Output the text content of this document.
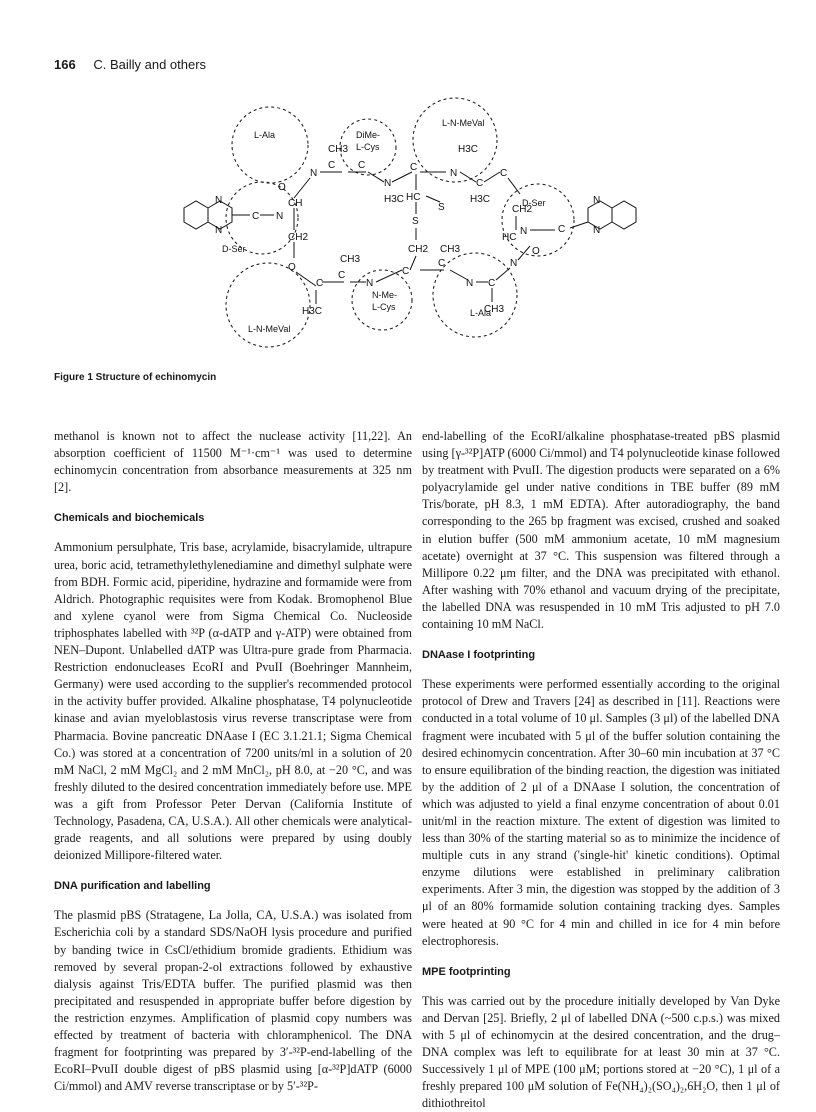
166 C. Bailly and others
L-Ala	DiMe-
L-Cys
L-N-MeVal
D-Ser
D-Ser
L-N-MeVal
N-Me-
L-Cys
L-Ala
N
N
C N
N
N
C
N
CH
CH2
N
O
C
CH3
C
N
H3C
C
HC
S
S
CH2
N
C
H3C
H3C
C
CH2
HC
O
C
C
CH3
N
C
C
CH3
N C
CH3
N
O
H3C
Figure 1 Structure of echinomycin

methanol is known not to affect the nuclease activity [11,22]. An absorption coefficient of 11500 M⁻¹·cm⁻¹ was used to determine echinomycin concentration from absorbance measurements at 325 nm [2].

Chemicals and biochemicals

Ammonium persulphate, Tris base, acrylamide, bisacrylamide, ultrapure urea, boric acid, tetramethylethylenediamine and dimethyl sulphate were from BDH. Formic acid, piperidine, hydrazine and formamide were from Aldrich. Photographic requisites were from Kodak. Bromophenol Blue and xylene cyanol were from Sigma Chemical Co. Nucleoside triphosphates labelled with ³²P (α-dATP and γ-ATP) were obtained from NEN–Dupont. Unlabelled dATP was Ultra-pure grade from Pharmacia. Restriction endonucleases EcoRI and PvuII (Boehringer Mannheim, Germany) were used according to the supplier's recommended protocol in the activity buffer provided. Alkaline phosphatase, T4 polynucleotide kinase and avian myeloblastosis virus reverse transcriptase were from Pharmacia. Bovine pancreatic DNAase I (EC 3.1.21.1; Sigma Chemical Co.) was stored at a concentration of 7200 units/ml in a solution of 20 mM NaCl, 2 mM MgCl₂ and 2 mM MnCl₂, pH 8.0, at −20 °C, and was freshly diluted to the desired concentration immediately before use. MPE was a gift from Professor Peter Dervan (California Institute of Technology, Pasadena, CA, U.S.A.). All other chemicals were analytical-grade reagents, and all solutions were prepared by using doubly deionized Millipore-filtered water.

DNA purification and labelling

The plasmid pBS (Stratagene, La Jolla, CA, U.S.A.) was isolated from Escherichia coli by a standard SDS/NaOH lysis procedure and purified by banding twice in CsCl/ethidium bromide gradients. Ethidium was removed by several propan-2-ol extractions followed by exhaustive dialysis against Tris/EDTA buffer. The purified plasmid was then precipitated and resuspended in appropriate buffer before digestion by the restriction enzymes. Amplification of plasmid copy numbers was effected by treatment of bacteria with chloramphenicol. The DNA fragment for footprinting was prepared by 3′-³²P-end-labelling of the EcoRI–PvuII double digest of pBS plasmid using [α-³²P]dATP (6000 Ci/mmol) and AMV reverse transcriptase or by 5′-³²P-

end-labelling of the EcoRI/alkaline phosphatase-treated pBS plasmid using [γ-³²P]ATP (6000 Ci/mmol) and T4 polynucleotide kinase followed by treatment with PvuII. The digestion products were separated on a 6% polyacrylamide gel under native conditions in TBE buffer (89 mM Tris/borate, pH 8.3, 1 mM EDTA). After autoradiography, the band corresponding to the 265 bp fragment was excised, crushed and soaked in elution buffer (500 mM ammonium acetate, 10 mM magnesium acetate) overnight at 37 °C. This suspension was filtered through a Millipore 0.22 μm filter, and the DNA was precipitated with ethanol. After washing with 70% ethanol and vacuum drying of the precipitate, the labelled DNA was resuspended in 10 mM Tris adjusted to pH 7.0 containing 10 mM NaCl.

DNAase I footprinting

These experiments were performed essentially according to the original protocol of Drew and Travers [24] as described in [11]. Reactions were conducted in a total volume of 10 μl. Samples (3 μl) of the labelled DNA fragment were incubated with 5 μl of the buffer solution containing the desired echinomycin concentration. After 30–60 min incubation at 37 °C to ensure equilibration of the binding reaction, the digestion was initiated by the addition of 2 μl of a DNAase I solution, the concentration of which was adjusted to yield a final enzyme concentration of about 0.01 unit/ml in the reaction mixture. The extent of digestion was limited to less than 30% of the starting material so as to minimize the incidence of multiple cuts in any strand ('single-hit' kinetic conditions). Optimal enzyme dilutions were established in preliminary calibration experiments. After 3 min, the digestion was stopped by the addition of 3 μl of an 80% formamide solution containing tracking dyes. Samples were heated at 90 °C for 4 min and chilled in ice for 4 min before electrophoresis.

MPE footprinting

This was carried out by the procedure initially developed by Van Dyke and Dervan [25]. Briefly, 2 μl of labelled DNA (~500 c.p.s.) was mixed with 5 μl of echinomycin at the desired concentration, and the drug–DNA complex was left to equilibrate for at least 30 min at 37 °C. Successively 1 μl of MPE (100 μM; portions stored at −20 °C), 1 μl of a freshly prepared 100 μM solution of Fe(NH₄)₂(SO₄)₂,6H₂O, then 1 μl of dithiothreitol
